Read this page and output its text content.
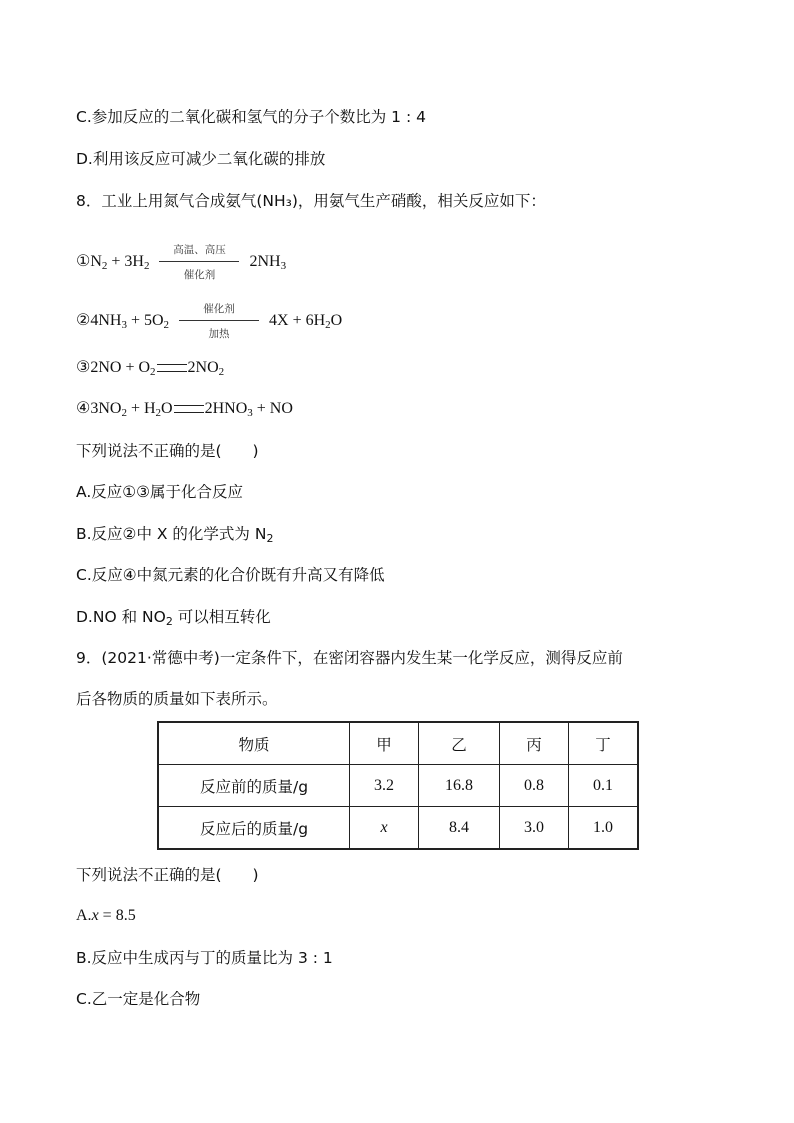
C.参加反应的二氧化碳和氢气的分子个数比为 1 : 4
D.利用该反应可减少二氧化碳的排放
8．工业上用氮气合成氨气(NH₃)，用氨气生产硝酸，相关反应如下：
$①N_2 + 3H_2$
高温、高压
催化剂
$2NH_3$
$②4NH_3 + 5O_2$
催化剂
加热
$4X + 6H_2O$
③2NO + $O_2$ $2NO_2$
$④3NO_2 + H_2O$ $2HNO_3$ + NO
下列说法不正确的是(　　)
A.反应①③属于化合反应
B.反应②中 X 的化学式为 $N_2$
C.反应④中氮元素的化合价既有升高又有降低
D.NO 和 $NO_2$ 可以相互转化
9．(2021·常德中考)一定条件下，在密闭容器内发生某一化学反应，测得反应前
后各物质的质量如下表所示。
物质	甲	乙	丙	丁
反应前的质量/g	3.2	16.8	0.8	0.1
反应后的质量/g	x	8.4	3.0	1.0
下列说法不正确的是(　　)
A.x = 8.5
B.反应中生成丙与丁的质量比为 3 : 1
C.乙一定是化合物
